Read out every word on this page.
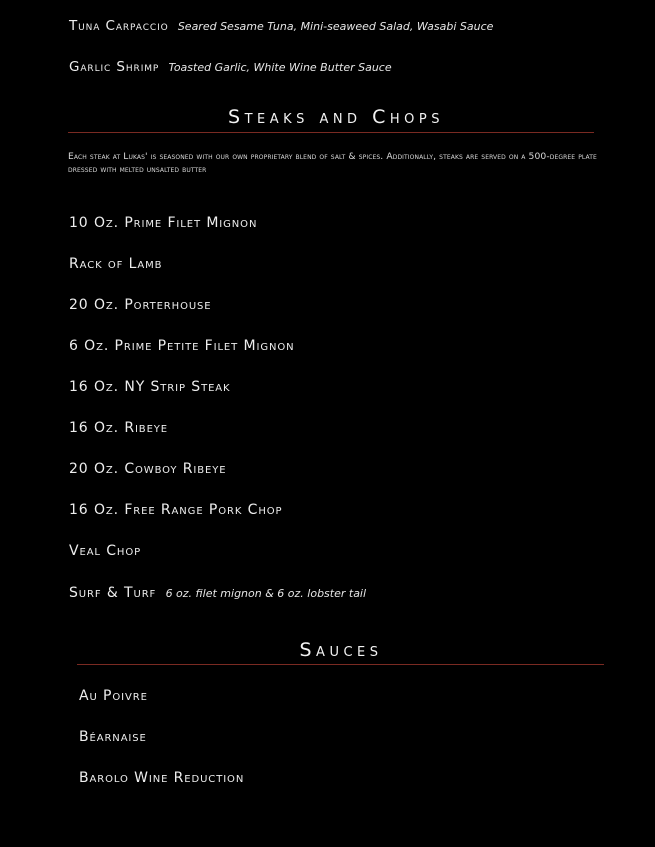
Tuna Carpaccio Seared Sesame Tuna, Mini-seaweed Salad, Wasabi Sauce
Garlic Shrimp Toasted Garlic, White Wine Butter Sauce
Steaks and Chops
Each steak at Lukas' is seasoned with our own proprietary blend of salt & spices. Additionally, steaks are served on a 500-degree plate dressed with melted unsalted butter
10 Oz. Prime Filet Mignon
Rack of Lamb
20 Oz. Porterhouse
6 Oz. Prime Petite Filet Mignon
16 Oz. NY Strip Steak
16 Oz. Ribeye
20 Oz. Cowboy Ribeye
16 Oz. Free Range Pork Chop
Veal Chop
Surf & Turf 6 oz. filet mignon & 6 oz. lobster tail
Sauces
Au Poivre
Béarnaise
Barolo Wine Reduction
